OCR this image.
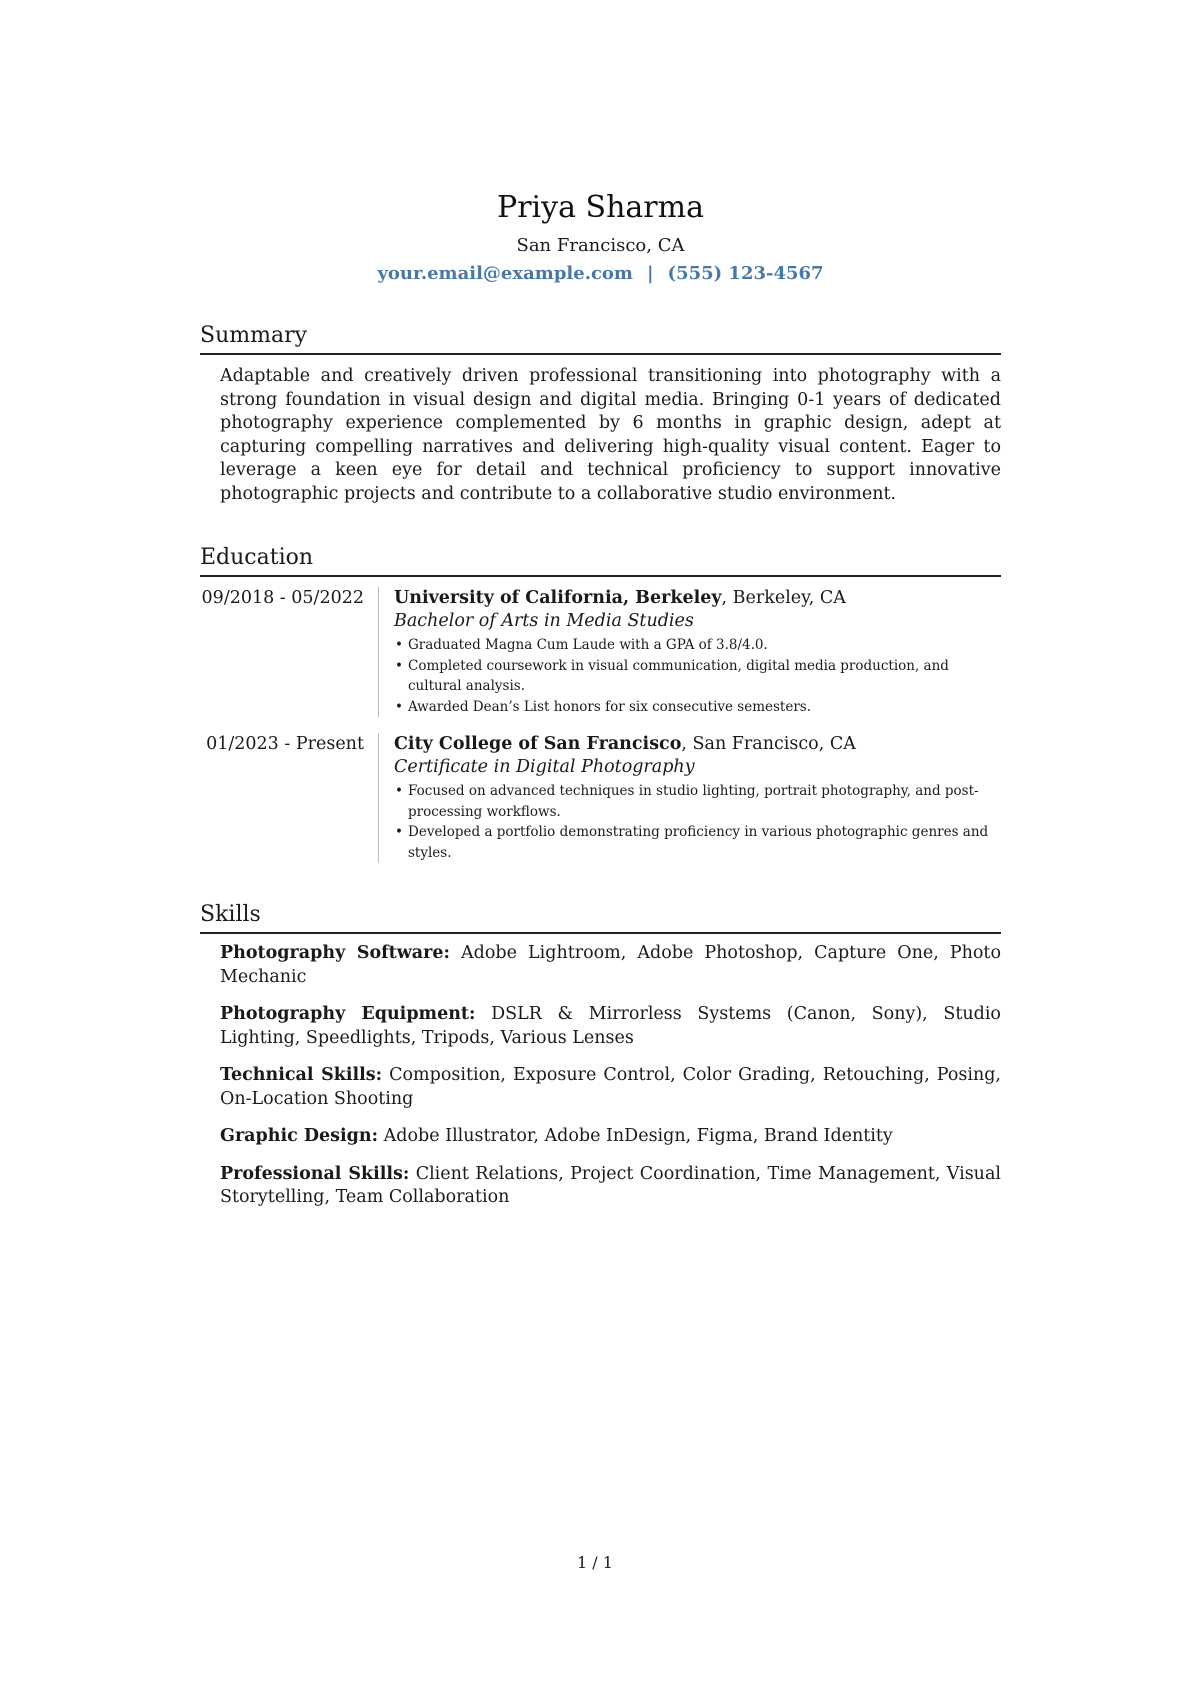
Priya Sharma
San Francisco, CA
your.email@example.com | (555) 123-4567
Summary

Adaptable and creatively driven professional transitioning into photography with a strong foundation in visual design and digital media. Bringing 0-1 years of dedicated photography experience complemented by 6 months in graphic design, adept at capturing compelling narratives and delivering high-quality visual content. Eager to leverage a keen eye for detail and technical proficiency to support innovative photographic projects and contribute to a collaborative studio environment.

Education
09/2018 - 05/2022	University of California, Berkeley, Berkeley, CA
Bachelor of Arts in Media Studies
• Graduated Magna Cum Laude with a GPA of 3.8/4.0.
• Completed coursework in visual communication, digital media production, and cultural analysis.
• Awarded Dean’s List honors for six consecutive semesters.
01/2023 - Present	City College of San Francisco, San Francisco, CA
Certificate in Digital Photography
• Focused on advanced techniques in studio lighting, portrait photography, and post-processing workflows.
• Developed a portfolio demonstrating proficiency in various photographic genres and styles.
Skills
Photography Software: Adobe Lightroom, Adobe Photoshop, Capture One, Photo Mechanic
Photography Equipment: DSLR & Mirrorless Systems (Canon, Sony), Studio Lighting, Speedlights, Tripods, Various Lenses
Technical Skills: Composition, Exposure Control, Color Grading, Retouching, Posing, On-Location Shooting
Graphic Design: Adobe Illustrator, Adobe InDesign, Figma, Brand Identity
Professional Skills: Client Relations, Project Coordination, Time Management, Visual Storytelling, Team Collaboration
1 / 1
